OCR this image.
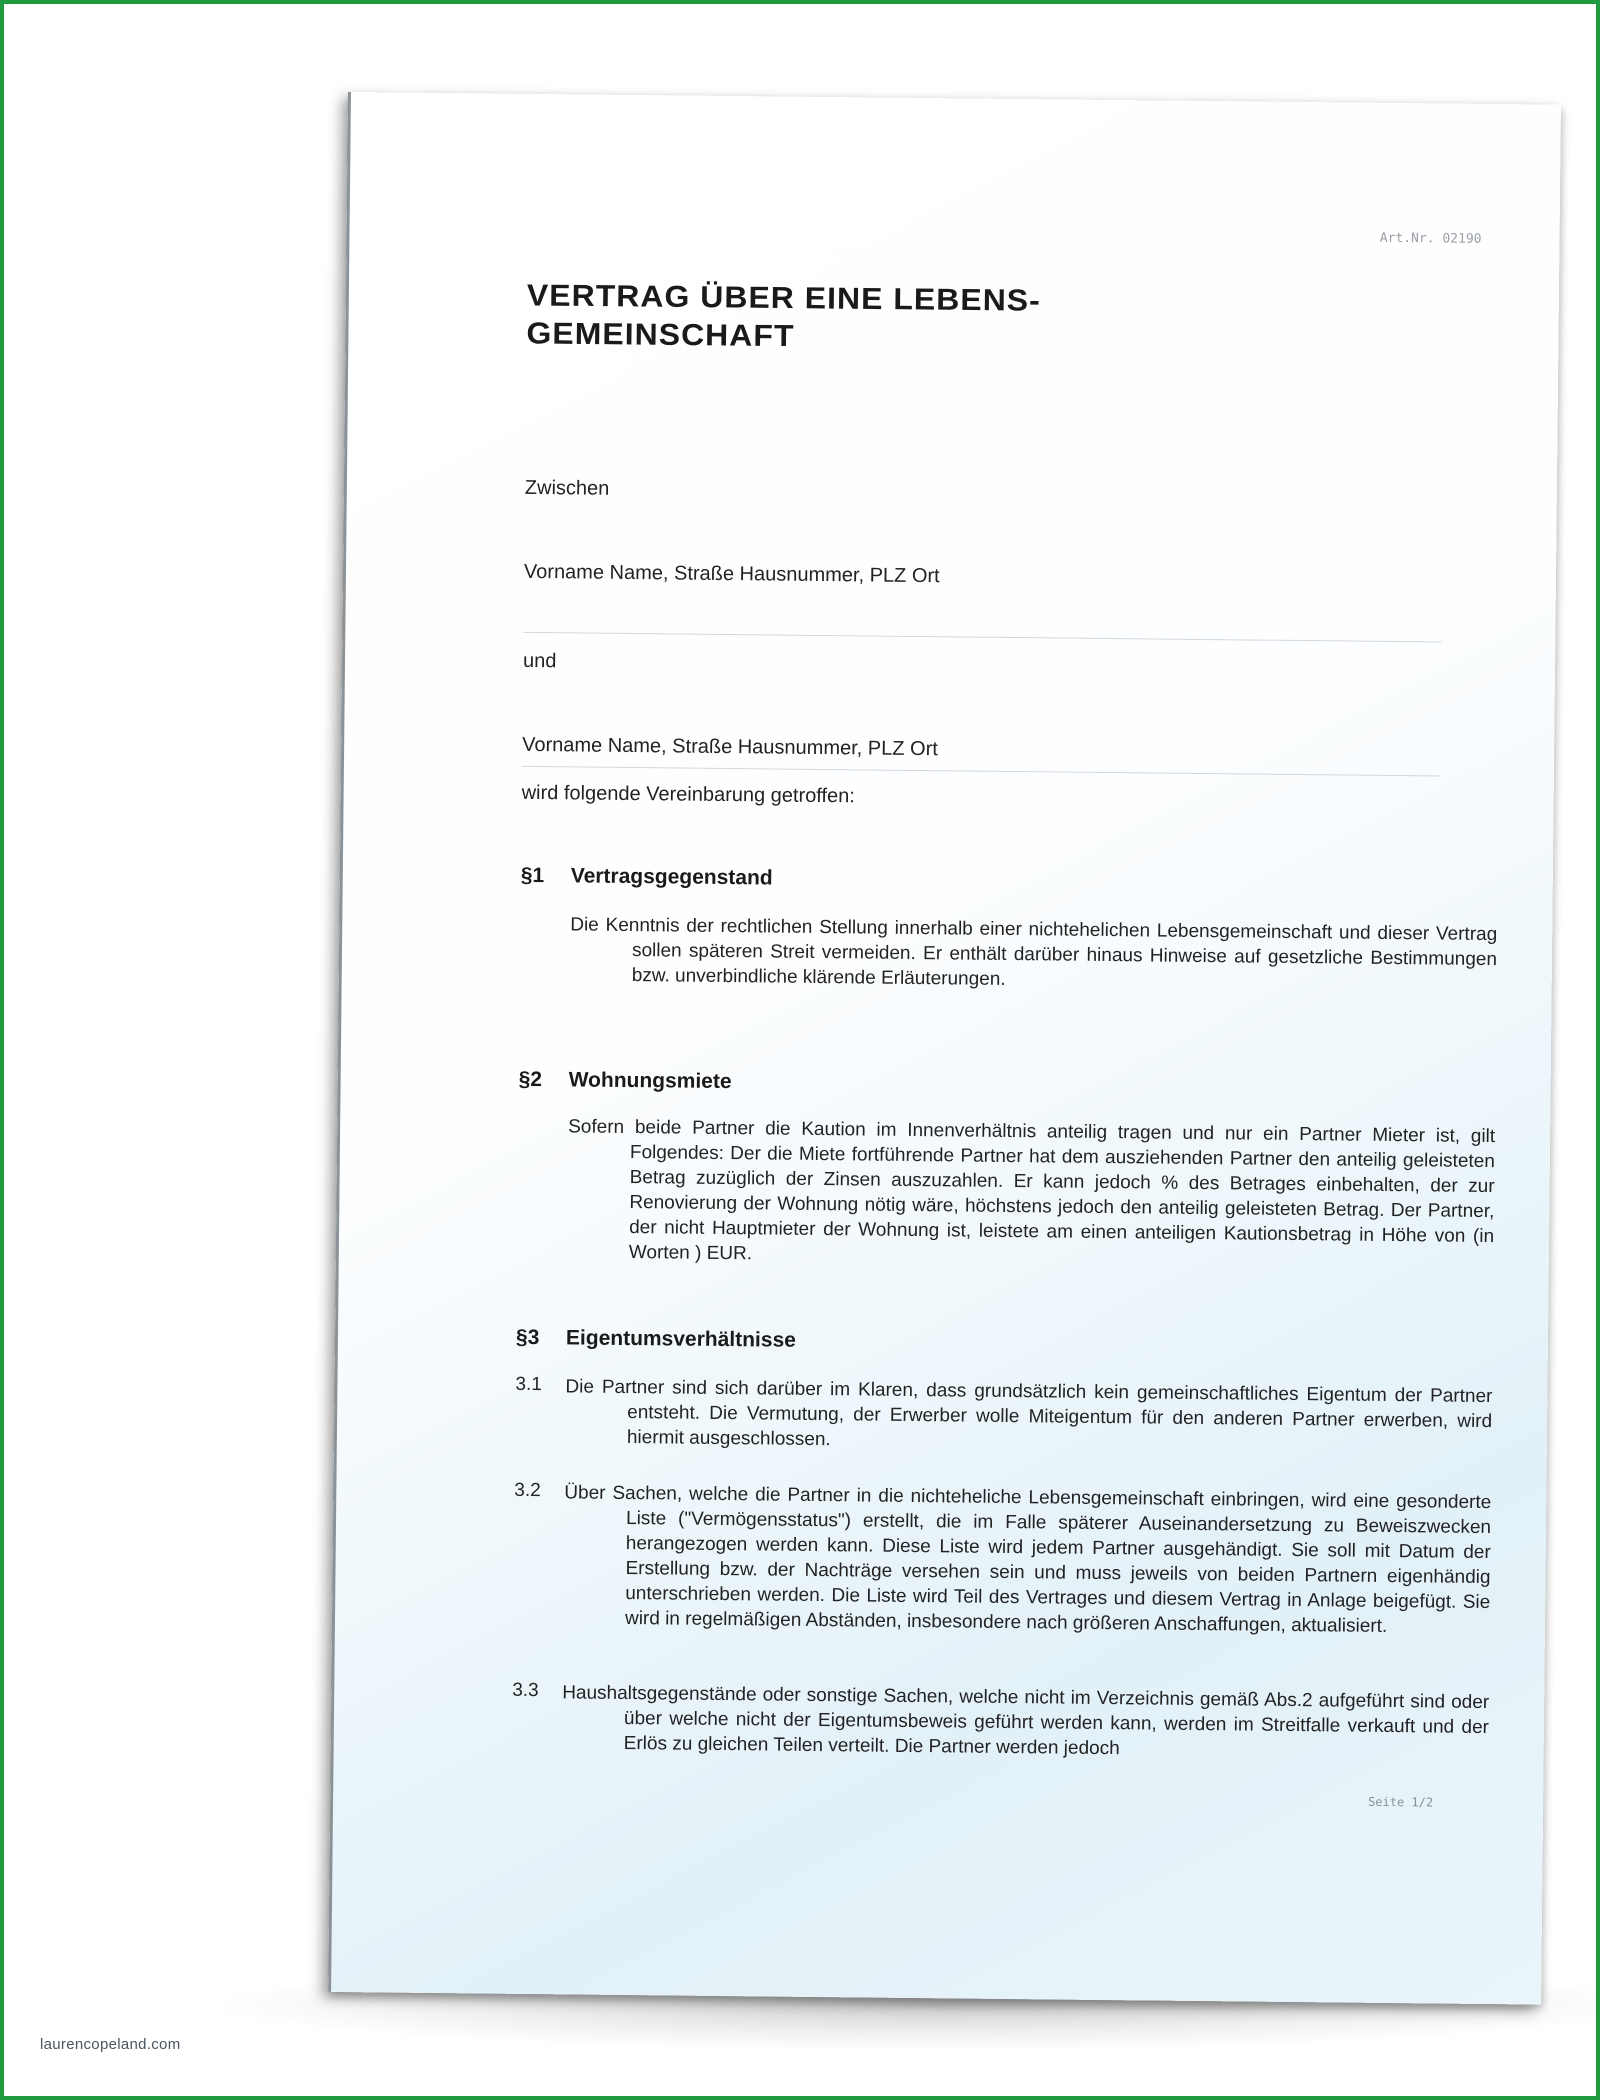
Art.Nr. 02190
VERTRAG ÜBER EINE LEBENS-
GEMEINSCHAFT
Zwischen
Vorname Name, Straße Hausnummer, PLZ Ort
und
Vorname Name, Straße Hausnummer, PLZ Ort
wird folgende Vereinbarung getroffen:
§1 Vertragsgegenstand

Die Kenntnis der rechtlichen Stellung innerhalb einer nichtehelichen Lebensgemeinschaft und dieser Vertrag sollen späteren Streit vermeiden. Er enthält darüber hinaus Hinweise auf gesetzliche Bestimmungen bzw. unverbindliche klärende Erläuterungen.

§2 Wohnungsmiete

Sofern beide Partner die Kaution im Innenverhältnis anteilig tragen und nur ein Partner Mieter ist, gilt Folgendes: Der die Miete fortführende Partner hat dem ausziehenden Partner den anteilig geleisteten Betrag zuzüglich der Zinsen auszuzahlen. Er kann jedoch % des Betrages einbehalten, der zur Renovierung der Wohnung nötig wäre, höchstens jedoch den anteilig geleisteten Betrag. Der Partner, der nicht Hauptmieter der Wohnung ist, leistete am einen anteiligen Kautionsbetrag in Höhe von (in Worten ) EUR.

§3 Eigentumsverhältnisse
3.1 Die Partner sind sich darüber im Klaren, dass grundsätzlich kein gemeinschaftliches Eigentum der Partner entsteht. Die Vermutung, der Erwerber wolle Miteigentum für den anderen Partner erwerben, wird hiermit ausgeschlossen.

3.2 Über Sachen, welche die Partner in die nichteheliche Lebensgemeinschaft einbringen, wird eine gesonderte Liste ("Vermögensstatus") erstellt, die im Falle späterer Auseinandersetzung zu Beweiszwecken herangezogen werden kann. Diese Liste wird jedem Partner ausgehändigt. Sie soll mit Datum der Erstellung bzw. der Nachträge versehen sein und muss jeweils von beiden Partnern eigenhändig unterschrieben werden. Die Liste wird Teil des Vertrages und diesem Vertrag in Anlage beigefügt. Sie wird in regelmäßigen Abständen, insbesondere nach größeren Anschaffungen, aktualisiert.

3.3 Haushaltsgegenstände oder sonstige Sachen, welche nicht im Verzeichnis gemäß Abs.2 aufgeführt sind oder über welche nicht der Eigentumsbeweis geführt werden kann, werden im Streitfalle verkauft und der Erlös zu gleichen Teilen verteilt. Die Partner werden jedoch

Seite 1/2
laurencopeland.com
